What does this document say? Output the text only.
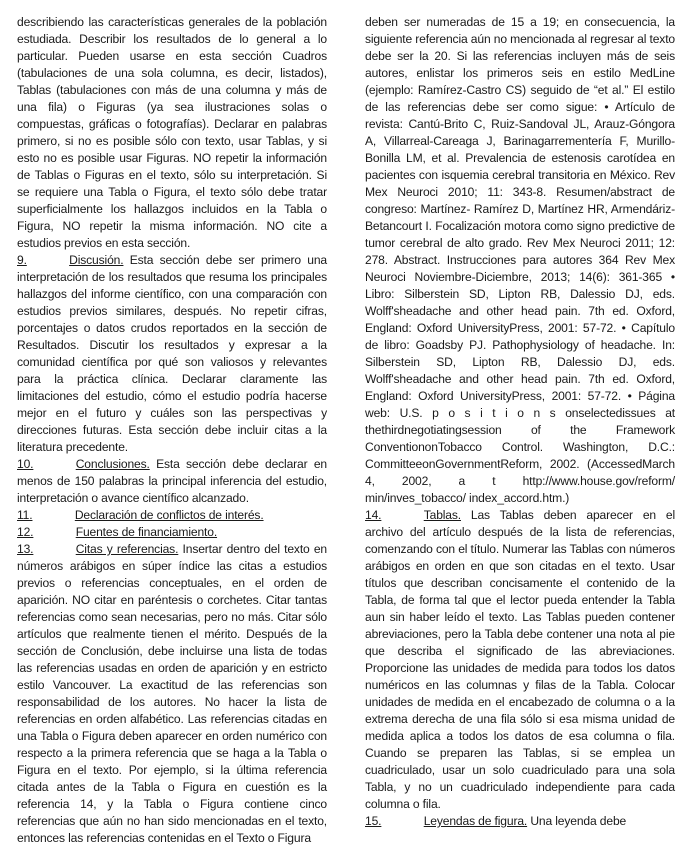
describiendo las características generales de la población estudiada. Describir los resultados de lo general a lo particular. Pueden usarse en esta sección Cuadros (tabulaciones de una sola columna, es decir, listados), Tablas (tabulaciones con más de una columna y más de una fila) o Figuras (ya sea ilustraciones solas o compuestas, gráficas o fotografías). Declarar en palabras primero, si no es posible sólo con texto, usar Tablas, y si esto no es posible usar Figuras. NO repetir la información de Tablas o Figuras en el texto, sólo su interpretación. Si se requiere una Tabla o Figura, el texto sólo debe tratar superficialmente los hallazgos incluidos en la Tabla o Figura, NO repetir la misma información. NO cite a estudios previos en esta sección.

9.	Discusión. Esta sección debe ser primero una interpretación de los resultados que resuma los principales hallazgos del informe científico, con una comparación con estudios previos similares, después. No repetir cifras, porcentajes o datos crudos reportados en la sección de Resultados. Discutir los resultados y expresar a la comunidad científica por qué son valiosos y relevantes para la práctica clínica. Declarar claramente las limitaciones del estudio, cómo el estudio podría hacerse mejor en el futuro y cuáles son las perspectivas y direcciones futuras. Esta sección debe incluir citas a la literatura precedente.

10.	Conclusiones. Esta sección debe declarar en menos de 150 palabras la principal inferencia del estudio, interpretación o avance científico alcanzado.

11.	Declaración de conflictos de interés.

12.	Fuentes de financiamiento.

13.	Citas y referencias. Insertar dentro del texto en números arábigos en súper índice las citas a estudios previos o referencias conceptuales, en el orden de aparición. NO citar en paréntesis o corchetes. Citar tantas referencias como sean necesarias, pero no más. Citar sólo artículos que realmente tienen el mérito. Después de la sección de Conclusión, debe incluirse una lista de todas las referencias usadas en orden de aparición y en estricto estilo Vancouver. La exactitud de las referencias son responsabilidad de los autores. No hacer la lista de referencias en orden alfabético. Las referencias citadas en una Tabla o Figura deben aparecer en orden numérico con respecto a la primera referencia que se haga a la Tabla o Figura en el texto. Por ejemplo, si la última referencia citada antes de la Tabla o Figura en cuestión es la referencia 14, y la Tabla o Figura contiene cinco referencias que aún no han sido mencionadas en el texto, entonces las referencias contenidas en el Texto o Figura

deben ser numeradas de 15 a 19; en consecuencia, la siguiente referencia aún no mencionada al regresar al texto debe ser la 20. Si las referencias incluyen más de seis autores, enlistar los primeros seis en estilo MedLine (ejemplo: Ramírez-Castro CS) seguido de “et al.” El estilo de las referencias debe ser como sigue: • Artículo de revista: Cantú-Brito C, Ruiz-Sandoval JL, Arauz-Góngora A, Villarreal-Careaga J, Barinagarrementería F, Murillo-Bonilla LM, et al. Prevalencia de estenosis carotídea en pacientes con isquemia cerebral transitoria en México. Rev Mex Neuroci 2010; 11: 343-8. Resumen/abstract de congreso: Martínez- Ramírez D, Martínez HR, Armendáriz- Betancourt I. Focalización motora como signo predictive de tumor cerebral de alto grado. Rev Mex Neuroci 2011; 12: 278. Abstract. Instrucciones para autores 364 Rev Mex Neuroci Noviembre-Diciembre, 2013; 14(6): 361-365 • Libro: Silberstein SD, Lipton RB, Dalessio DJ, eds. Wolff'sheadache and other head pain. 7th ed. Oxford, England: Oxford UniversityPress, 2001: 57-72. • Capítulo de libro: Goadsby PJ. Pathophysiology of headache. In: Silberstein SD, Lipton RB, Dalessio DJ, eds. Wolff'sheadache and other head pain. 7th ed. Oxford, England: Oxford UniversityPress, 2001: 57-72. • Página web: U.S. p o s i t i o n s onselectedissues at thethirdnegotiatingsession of the Framework ConventiononTobacco Control. Washington, D.C.: CommitteeonGovernmentReform, 2002. (AccessedMarch 4, 2002, a t http://www.house.gov/reform/ min/inves_tobacco/ index_accord.htm.)

14.	Tablas. Las Tablas deben aparecer en el archivo del artículo después de la lista de referencias, comenzando con el título. Numerar las Tablas con números arábigos en orden en que son citadas en el texto. Usar títulos que describan concisamente el contenido de la Tabla, de forma tal que el lector pueda entender la Tabla aun sin haber leído el texto. Las Tablas pueden contener abreviaciones, pero la Tabla debe contener una nota al pie que describa el significado de las abreviaciones. Proporcione las unidades de medida para todos los datos numéricos en las columnas y filas de la Tabla. Colocar unidades de medida en el encabezado de columna o a la extrema derecha de una fila sólo si esa misma unidad de medida aplica a todos los datos de esa columna o fila. Cuando se preparen las Tablas, si se emplea un cuadriculado, usar un solo cuadriculado para una sola Tabla, y no un cuadriculado independiente para cada columna o fila.

15.	Leyendas de figura. Una leyenda debe
